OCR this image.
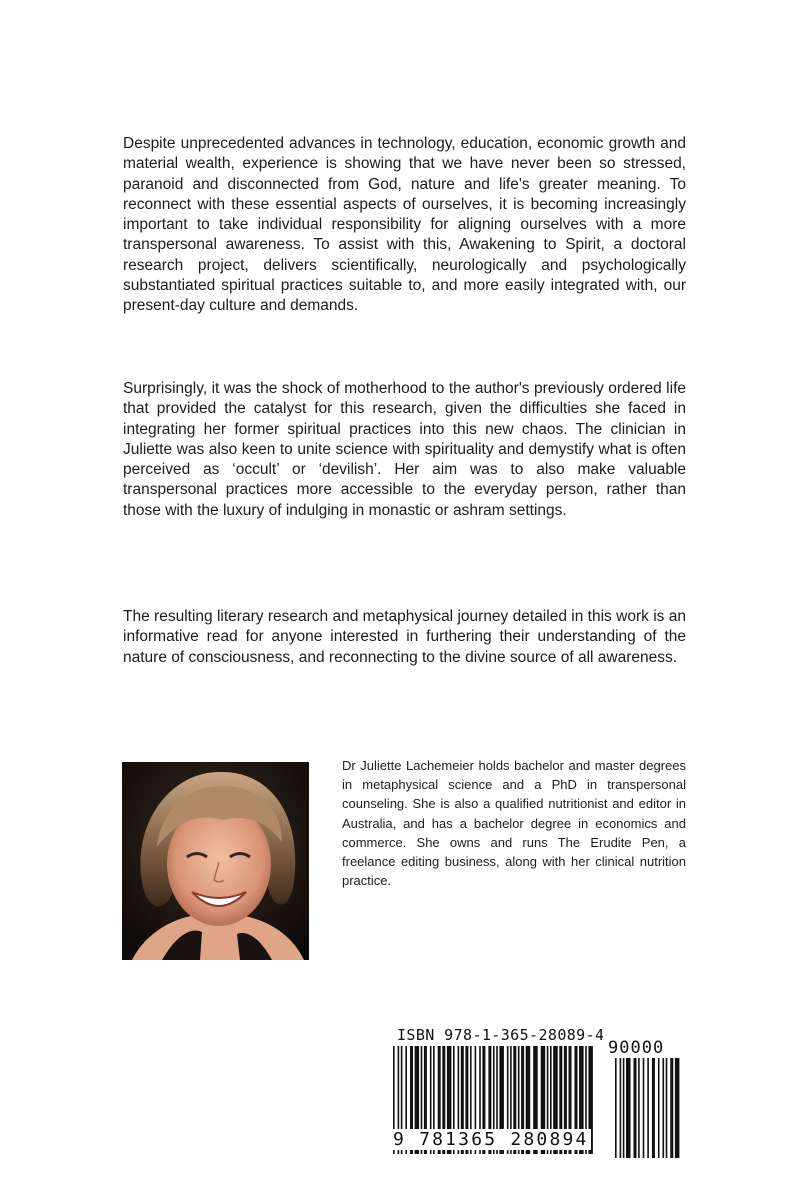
Despite unprecedented advances in technology, education, economic growth and material wealth, experience is showing that we have never been so stressed, paranoid and disconnected from God, nature and life's greater meaning. To reconnect with these essential aspects of ourselves, it is becoming increasingly important to take individual responsibility for aligning ourselves with a more transpersonal awareness. To assist with this, Awakening to Spirit, a doctoral research project, delivers scientifically, neurologically and psychologically substantiated spiritual practices suitable to, and more easily integrated with, our present-day culture and demands.

Surprisingly, it was the shock of motherhood to the author's previously ordered life that provided the catalyst for this research, given the difficulties she faced in integrating her former spiritual practices into this new chaos. The clinician in Juliette was also keen to unite science with spirituality and demystify what is often perceived as ‘occult’ or ‘devilish’. Her aim was to also make valuable transpersonal practices more accessible to the everyday person, rather than those with the luxury of indulging in monastic or ashram settings.

The resulting literary research and metaphysical journey detailed in this work is an informative read for anyone interested in furthering their understanding of the nature of consciousness, and reconnecting to the divine source of all awareness.

Dr Juliette Lachemeier holds bachelor and master degrees in metaphysical science and a PhD in transpersonal counseling. She is also a qualified nutritionist and editor in Australia, and has a bachelor degree in economics and commerce. She owns and runs The Erudite Pen, a freelance editing business, along with her clinical nutrition practice.

ISBN 978-1-365-28089-4
90000
9 781365 280894
